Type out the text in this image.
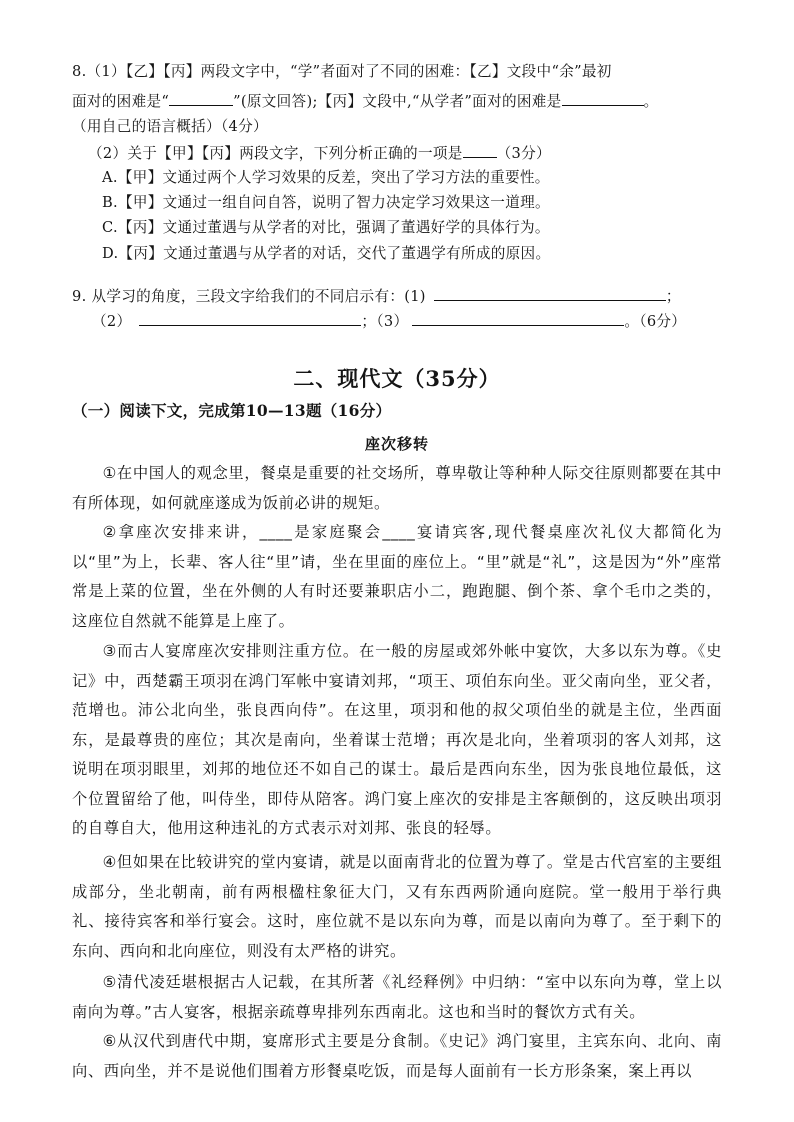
8.（1）【乙】【丙】两段文字中，“学”者面对了不同的困难：【乙】文段中“余”最初
面对的困难是“	”(原文回答);【丙】文段中,“从学者”面对的困难是	。
（用自己的语言概括）（4分）
（2）关于【甲】【丙】两段文字，下列分析正确的一项是 （3分）
A.【甲】文通过两个人学习效果的反差，突出了学习方法的重要性。
B.【甲】文通过一组自问自答，说明了智力决定学习效果这一道理。
C.【丙】文通过董遇与从学者的对比，强调了董遇好学的具体行为。
D.【丙】文通过董遇与从学者的对话，交代了董遇学有所成的原因。
9. 从学习的角度，三段文字给我们的不同启示有：(1)	；
（2）	；（3）	。（6分）
二、现代文（35分）
（一）阅读下文，完成第10—13题（16分）
座次移转
①在中国人的观念里，餐桌是重要的社交场所，尊卑敬让等种种人际交往原则都要在其中有所体现，如何就座遂成为饭前必讲的规矩。
②拿座次安排来讲，____是家庭聚会____宴请宾客,现代餐桌座次礼仪大都简化为以“里”为上，长辈、客人往“里”请，坐在里面的座位上。“里”就是“礼”，这是因为“外”座常常是上菜的位置，坐在外侧的人有时还要兼职店小二，跑跑腿、倒个茶、拿个毛巾之类的，这座位自然就不能算是上座了。
③而古人宴席座次安排则注重方位。在一般的房屋或郊外帐中宴饮，大多以东为尊。《史记》中，西楚霸王项羽在鸿门军帐中宴请刘邦，“项王、项伯东向坐。亚父南向坐，亚父者，范增也。沛公北向坐，张良西向侍”。在这里，项羽和他的叔父项伯坐的就是主位，坐西面东，是最尊贵的座位；其次是南向，坐着谋士范增；再次是北向，坐着项羽的客人刘邦，这说明在项羽眼里，刘邦的地位还不如自己的谋士。最后是西向东坐，因为张良地位最低，这个位置留给了他，叫侍坐，即侍从陪客。鸿门宴上座次的安排是主客颠倒的，这反映出项羽的自尊自大，他用这种违礼的方式表示对刘邦、张良的轻辱。
④但如果在比较讲究的堂内宴请，就是以面南背北的位置为尊了。堂是古代宫室的主要组成部分，坐北朝南，前有两根楹柱象征大门，又有东西两阶通向庭院。堂一般用于举行典礼、接待宾客和举行宴会。这时，座位就不是以东向为尊，而是以南向为尊了。至于剩下的东向、西向和北向座位，则没有太严格的讲究。
⑤清代凌廷堪根据古人记载，在其所著《礼经释例》中归纳：“室中以东向为尊，堂上以南向为尊。”古人宴客，根据亲疏尊卑排列东西南北。这也和当时的餐饮方式有关。
⑥从汉代到唐代中期，宴席形式主要是分食制。《史记》鸿门宴里，主宾东向、北向、南向、西向坐，并不是说他们围着方形餐桌吃饭，而是每人面前有一长方形条案，案上再以
